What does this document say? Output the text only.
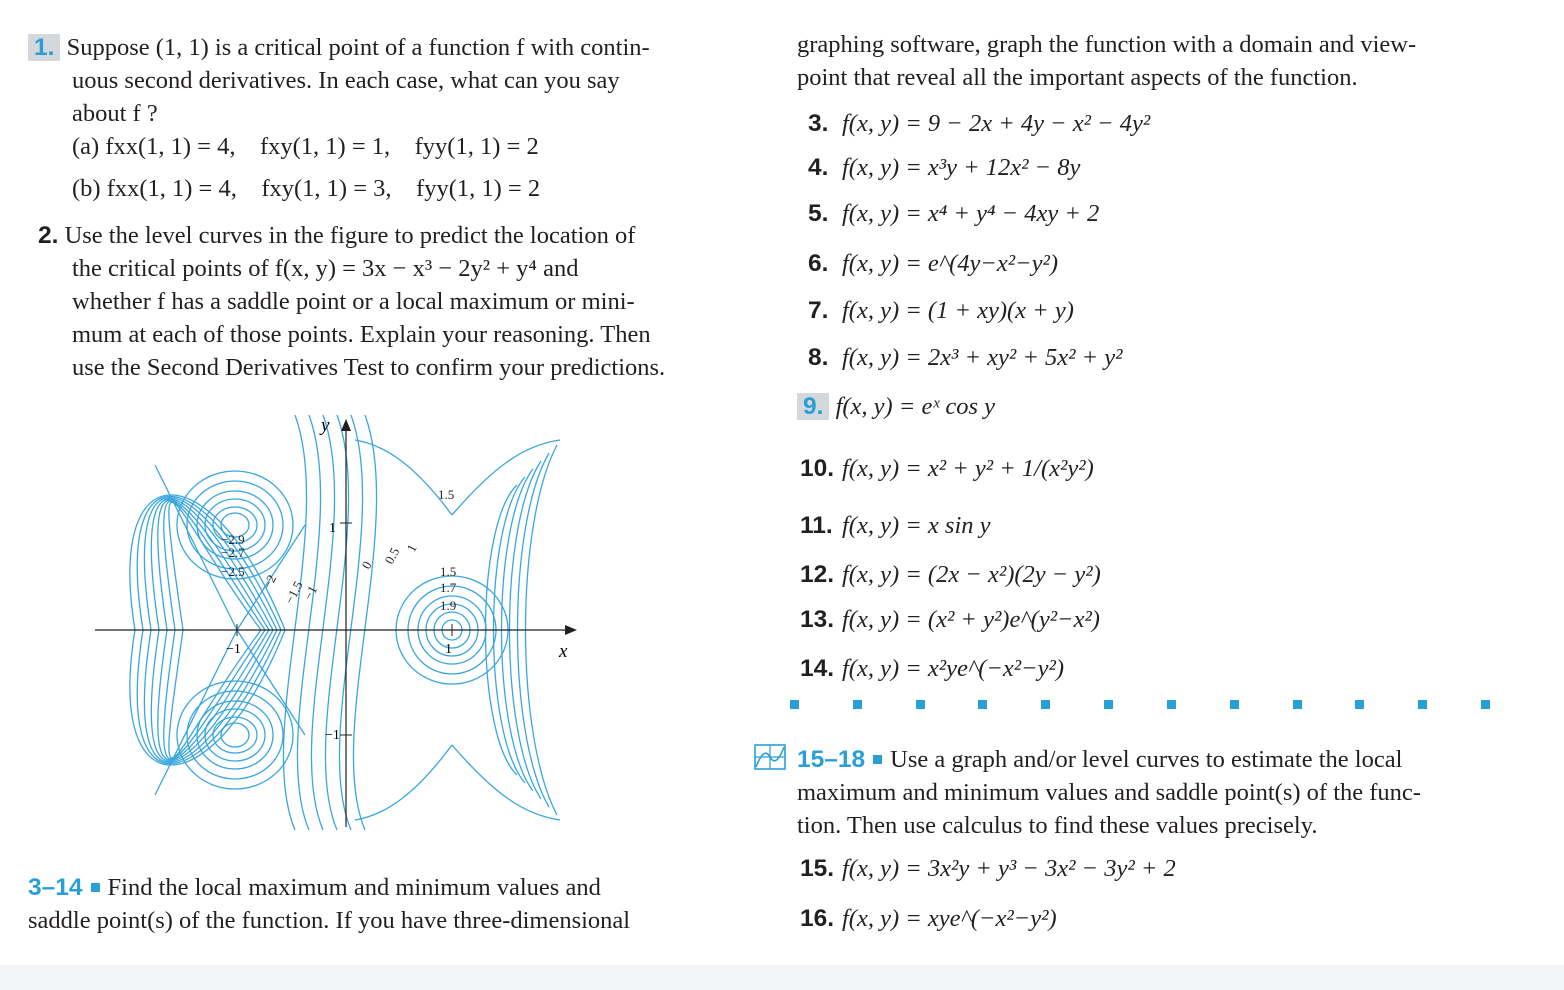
1. Suppose (1, 1) is a critical point of a function f with contin-
uous second derivatives. In each case, what can you say
about f ?
(a) fxx(1, 1) = 4,    fxy(1, 1) = 1,    fyy(1, 1) = 2
(b) fxx(1, 1) = 4,    fxy(1, 1) = 3,    fyy(1, 1) = 2
2. Use the level curves in the figure to predict the location of
the critical points of f(x, y) = 3x − x³ − 2y² + y⁴ and
whether f has a saddle point or a local maximum or mini-
mum at each of those points. Explain your reasoning. Then
use the Second Derivatives Test to confirm your predictions.
y
x
1
−1
−1	1
1.5
−2.9
−2.7
−2.5	1.5
1.7
1.9
−2 −1.5
−1
0 0.5 1
3–14 Find the local maximum and minimum values and
saddle point(s) of the function. If you have three-dimensional
graphing software, graph the function with a domain and view-
point that reveal all the important aspects of the function.
3. f(x, y) = 9 − 2x + 4y − x² − 4y²
4. f(x, y) = x³y + 12x² − 8y
5. f(x, y) = x⁴ + y⁴ − 4xy + 2
6. f(x, y) = e^(4y−x²−y²)
7. f(x, y) = (1 + xy)(x + y)
8. f(x, y) = 2x³ + xy² + 5x² + y²
9. f(x, y) = eˣ cos y
10. f(x, y) = x² + y² + 1/(x²y²)
11. f(x, y) = x sin y
12. f(x, y) = (2x − x²)(2y − y²)
13. f(x, y) = (x² + y²)e^(y²−x²)
14. f(x, y) = x²ye^(−x²−y²)
15–18 Use a graph and/or level curves to estimate the local
maximum and minimum values and saddle point(s) of the func-
tion. Then use calculus to find these values precisely.
15. f(x, y) = 3x²y + y³ − 3x² − 3y² + 2
16. f(x, y) = xye^(−x²−y²)
